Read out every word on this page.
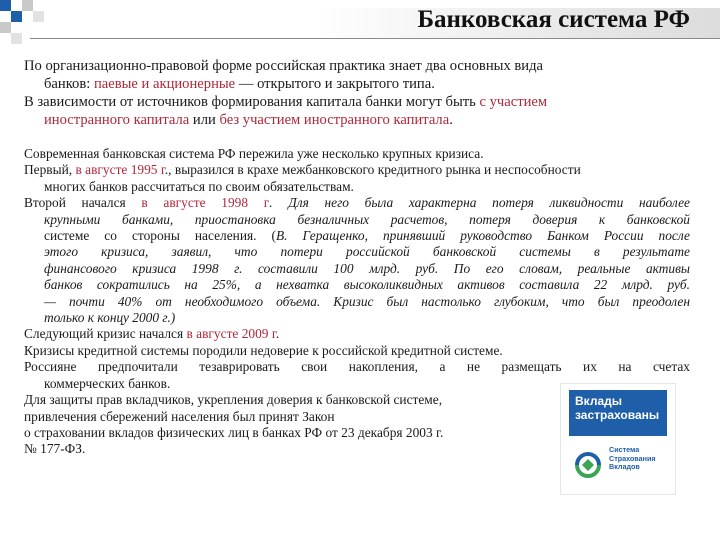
Банковская система РФ
По организационно-правовой форме российская практика знает два основных вида
банков: паевые и акционерные — открытого и закрытого типа.
В зависимости от источников формирования капитала банки могут быть с участием
иностранного капитала или без участием иностранного капитала.
Современная банковская система РФ пережила уже несколько крупных кризиса.
Первый, в августе 1995 г., выразился в крахе межбанковского кредитного рынка и неспособности
многих банков рассчитаться по своим обязательствам.
Второй начался в августе 1998 г. Для него была характерна потеря ликвидности наиболее
крупными банками, приостановка безналичных расчетов, потеря доверия к банковской
системе со стороны населения. (В. Геращенко, принявший руководство Банком России после
этого кризиса, заявил, что потери российской банковской системы в результате
финансового кризиса 1998 г. составили 100 млрд. руб. По его словам, реальные активы
банков сократились на 25%, а нехватка высоколиквидных активов составила 22 млрд. руб.
— почти 40% от необходимого объема. Кризис был настолько глубоким, что был преодолен
только к концу 2000 г.)
Следующий кризис начался в августе 2009 г.
Кризисы кредитной системы породили недоверие к российской кредитной системе.
Россияне предпочитали тезаврировать свои накопления, а не размещать их на счетах
коммерческих банков.
Для защиты прав вкладчиков, укрепления доверия к банковской системе,
привлечения сбережений населения был принят Закон
о страховании вкладов физических лиц в банках РФ от 23 декабря 2003 г.
№ 177-ФЗ.
Вклады
застрахованы
Система
Страхования
Вкладов
